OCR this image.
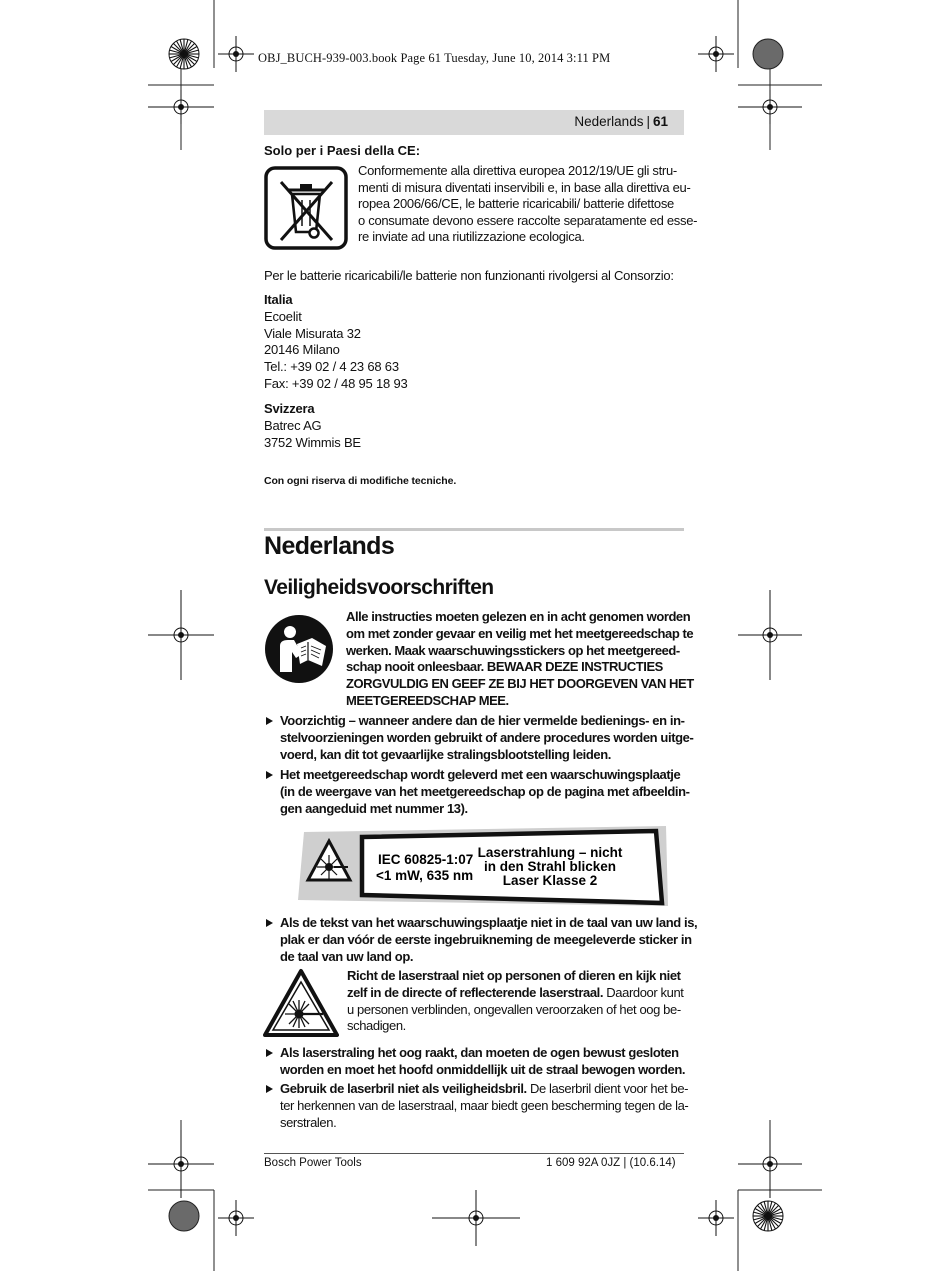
OBJ_BUCH-939-003.book Page 61 Tuesday, June 10, 2014 3:11 PM
Nederlands | 61
Solo per i Paesi della CE:
Conformemente alla direttiva europea 2012/19/UE gli stru-
menti di misura diventati inservibili e, in base alla direttiva eu-
ropea 2006/66/CE, le batterie ricaricabili/ batterie difettose
o consumate devono essere raccolte separatamente ed esse-
re inviate ad una riutilizzazione ecologica.
Per le batterie ricaricabili/le batterie non funzionanti rivolgersi al Consorzio:
Italia
Ecoelit
Viale Misurata 32
20146 Milano
Tel.: +39 02 / 4 23 68 63
Fax: +39 02 / 48 95 18 93
Svizzera
Batrec AG
3752 Wimmis BE
Con ogni riserva di modifiche tecniche.
Nederlands
Veiligheidsvoorschriften
Alle instructies moeten gelezen en in acht genomen worden
om met zonder gevaar en veilig met het meetgereedschap te
werken. Maak waarschuwingsstickers op het meetgereed-
schap nooit onleesbaar. BEWAAR DEZE INSTRUCTIES
ZORGVULDIG EN GEEF ZE BIJ HET DOORGEVEN VAN HET
MEETGEREEDSCHAP MEE.
Voorzichtig – wanneer andere dan de hier vermelde bedienings- en in-
stelvoorzieningen worden gebruikt of andere procedures worden uitge-
voerd, kan dit tot gevaarlijke stralingsblootstelling leiden.
Het meetgereedschap wordt geleverd met een waarschuwingsplaatje
(in de weergave van het meetgereedschap op de pagina met afbeeldin-
gen aangeduid met nummer 13).
IEC 60825-1:07
<1 mW, 635 nm
Laserstrahlung – nicht
in den Strahl blicken
Laser Klasse 2
Als de tekst van het waarschuwingsplaatje niet in de taal van uw land is,
plak er dan vóór de eerste ingebruikneming de meegeleverde sticker in
de taal van uw land op.
Richt de laserstraal niet op personen of dieren en kijk niet
zelf in de directe of reflecterende laserstraal. Daardoor kunt
u personen verblinden, ongevallen veroorzaken of het oog be-
schadigen.
Als laserstraling het oog raakt, dan moeten de ogen bewust gesloten
worden en moet het hoofd onmiddellijk uit de straal bewogen worden.
Gebruik de laserbril niet als veiligheidsbril. De laserbril dient voor het be-
ter herkennen van de laserstraal, maar biedt geen bescherming tegen de la-
serstralen.
Bosch Power Tools	1 609 92A 0JZ | (10.6.14)
